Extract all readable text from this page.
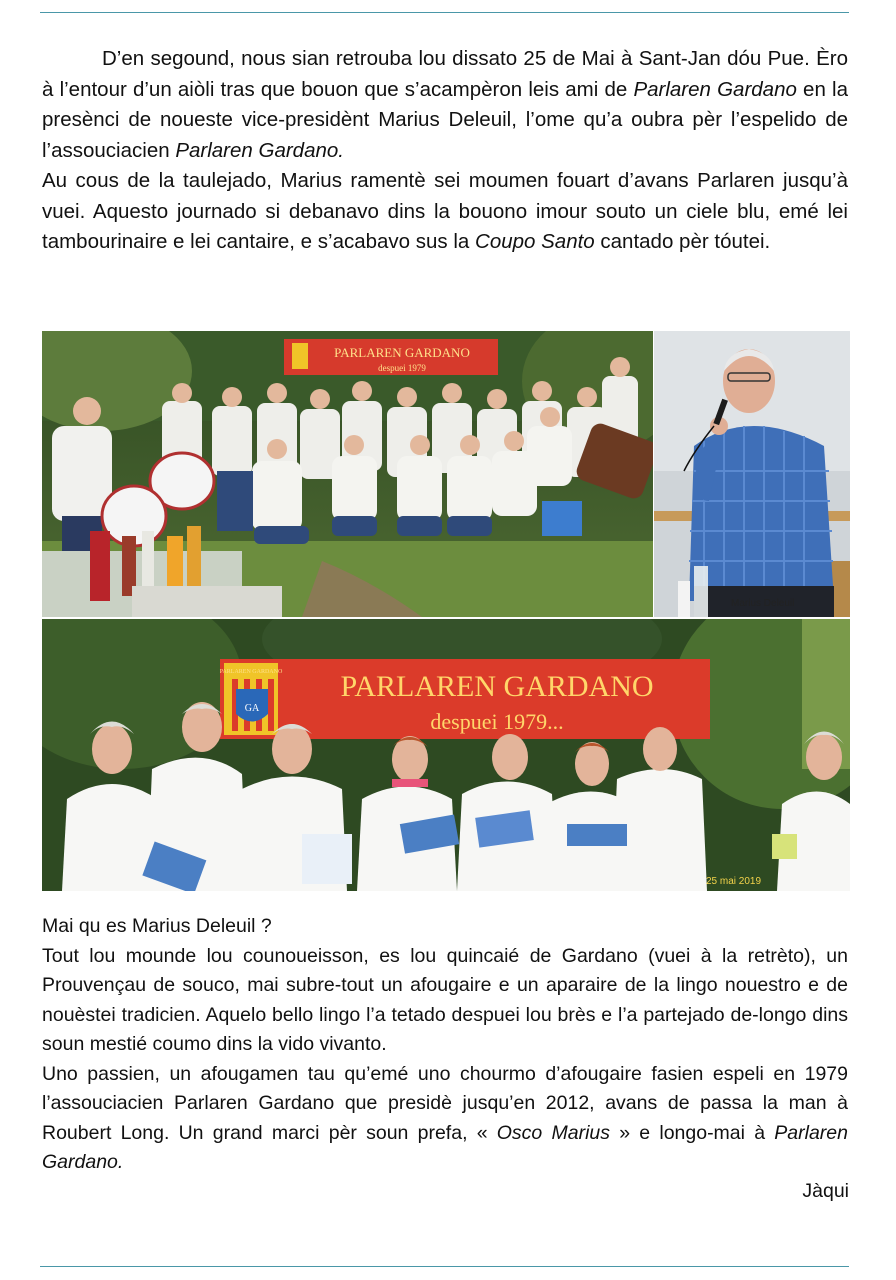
D’en segound, nous sian retrouba lou dissato 25 de Mai à Sant-Jan dóu Pue. Èro à l’entour d’un aiòli tras que bouon que s’acampèron leis ami de Parlaren Gardano en la presènci de noueste vice-presidènt Marius Deleuil, l’ome qu’a oubra pèr l’espelido de l’assouciacien Parlaren Gardano.
Au cous de la taulejado, Marius ramentè sei moumen fouart d’avans Parlaren jusqu’à vuei. Aquesto journado si debanavo dins la bouono imour souto un ciele blu, emé lei tambourinaire e lei cantaire, e s’acabavo sus la Coupo Santo cantado pèr tóutei.

PARLAREN GARDANO
despuei 1979
Marius Deleuil
GA
PARLAREN GARDANO PARLAREN GARDANO
despuei 1979...
25 mai 2019

Mai qu es Marius Deleuil ?
Tout lou mounde lou counoueisson, es lou quincaié de Gardano (vuei à la retrèto), un Prouvençau de souco, mai subre-tout un afougaire e un aparaire de la lingo nouestro e de nouèstei tradicien. Aquelo bello lingo l’a tetado despuei lou brès e l’a partejado de-longo dins soun mestié coumo dins la vido vivanto.
Uno passien, un afougamen tau qu’emé uno chourmo d’afougaire fasien espeli en 1979 l’assouciacien Parlaren Gardano que presidè jusqu’en 2012, avans de passa la man à Roubert Long. Un grand marci pèr soun prefa, « Osco Marius » e longo-mai à Parlaren Gardano.

Jàqui
